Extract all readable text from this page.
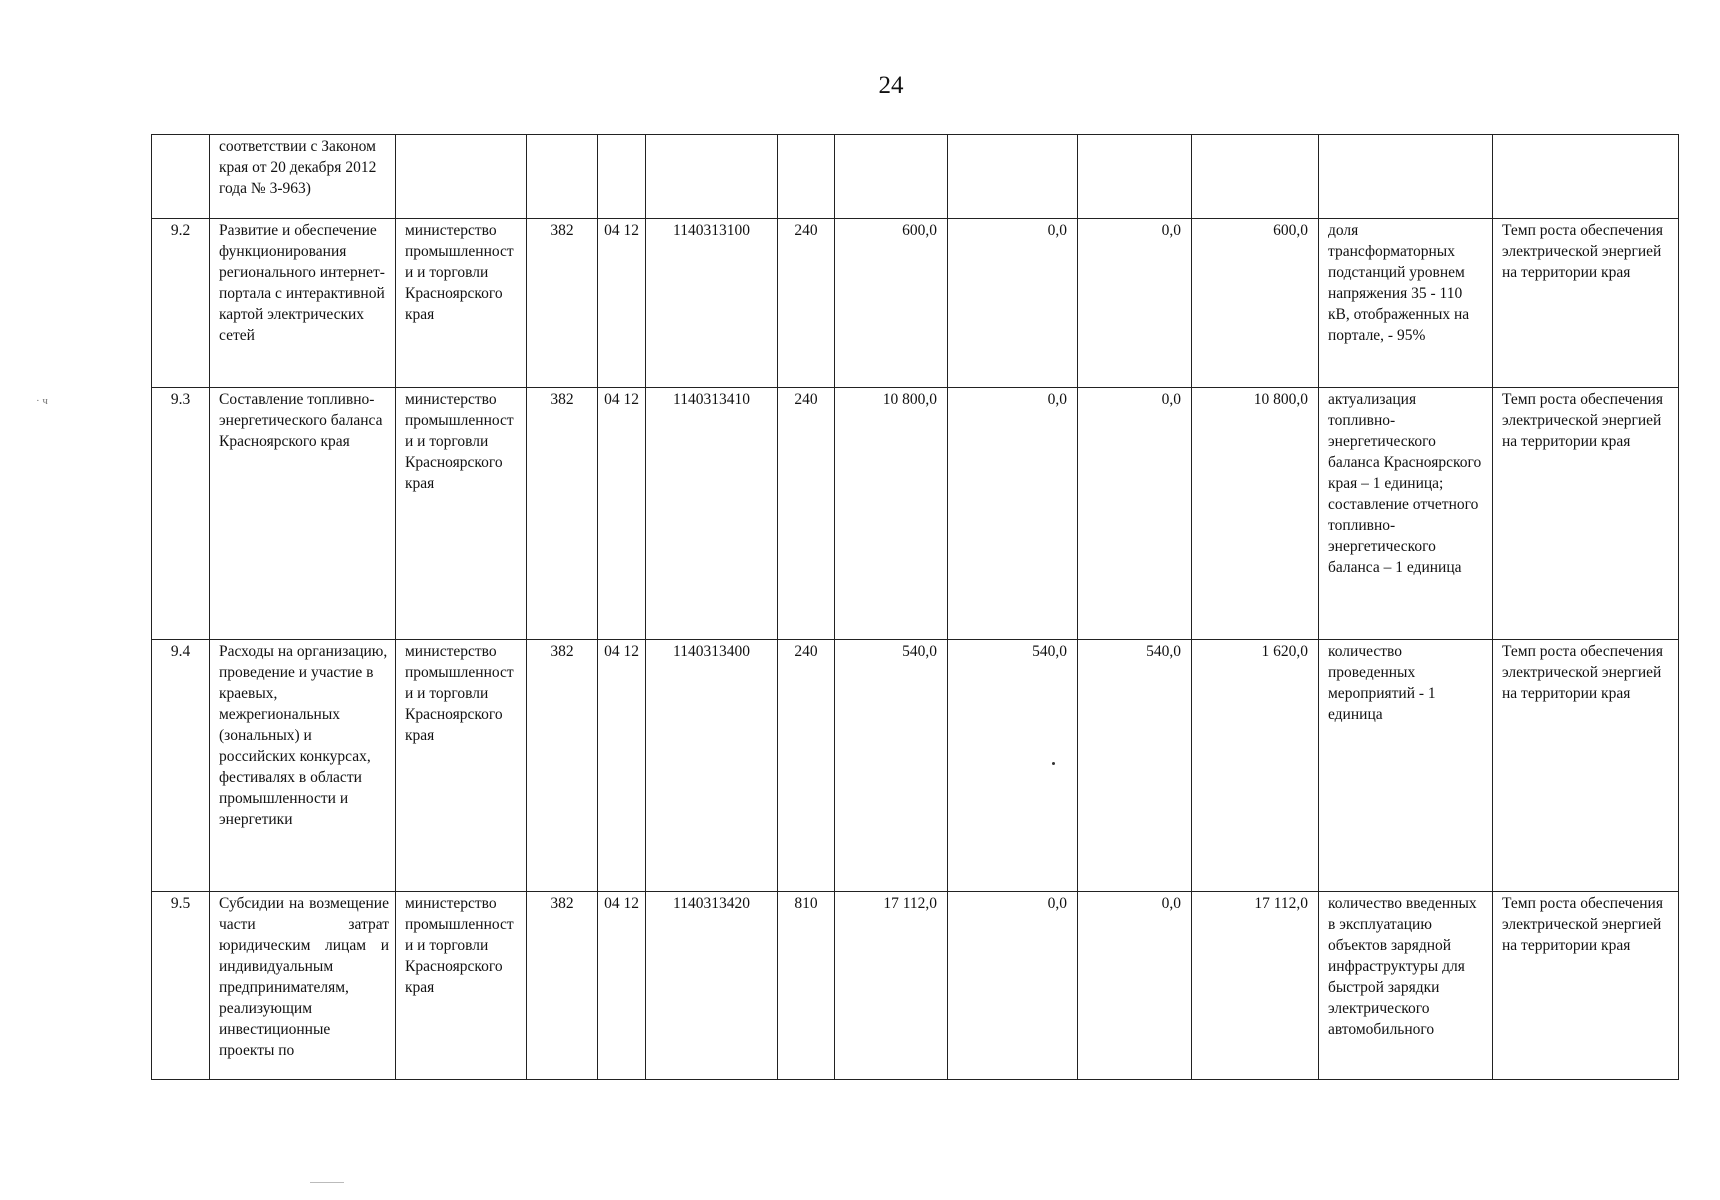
24
· ч
	соответствии с Законом края от 20 декабря 2012 года № 3-963)											
9.2	Развитие и обеспечение функционирования регионального интернет-портала с интерактивной картой электрических сетей	министерство промышленности и торговли Красноярского края	382	04 12	1140313100	240	600,0	0,0	0,0	600,0	доля трансформаторных подстанций уровнем напряжения 35 - 110 кВ, отображенных на портале, - 95%	Темп роста обеспечения электрической энергией на территории края
9.3	Составление топливно-энергетического баланса Красноярского края	министерство промышленности и торговли Красноярского края	382	04 12	1140313410	240	10 800,0	0,0	0,0	10 800,0	актуализация топливно-энергетического баланса Красноярского края – 1 единица; составление отчетного топливно-энергетического баланса – 1 единица	Темп роста обеспечения электрической энергией на территории края
9.4	Расходы на организацию, проведение и участие в краевых, межрегиональных (зональных) и российских конкурсах, фестивалях в области промышленности и энергетики	министерство промышленности и торговли Красноярского края	382	04 12	1140313400	240	540,0	540,0	540,0	1 620,0	количество проведенных мероприятий - 1 единица	Темп роста обеспечения электрической энергией на территории края
9.5	Субсидии на возмещение части затрат юридическим лицам и индивидуальным предпринимателям, реализующим инвестиционные проекты по	министерство промышленности и торговли Красноярского края	382	04 12	1140313420	810	17 112,0	0,0	0,0	17 112,0	количество введенных в эксплуатацию объектов зарядной инфраструктуры для быстрой зарядки электрического автомобильного	Темп роста обеспечения электрической энергией на территории края
